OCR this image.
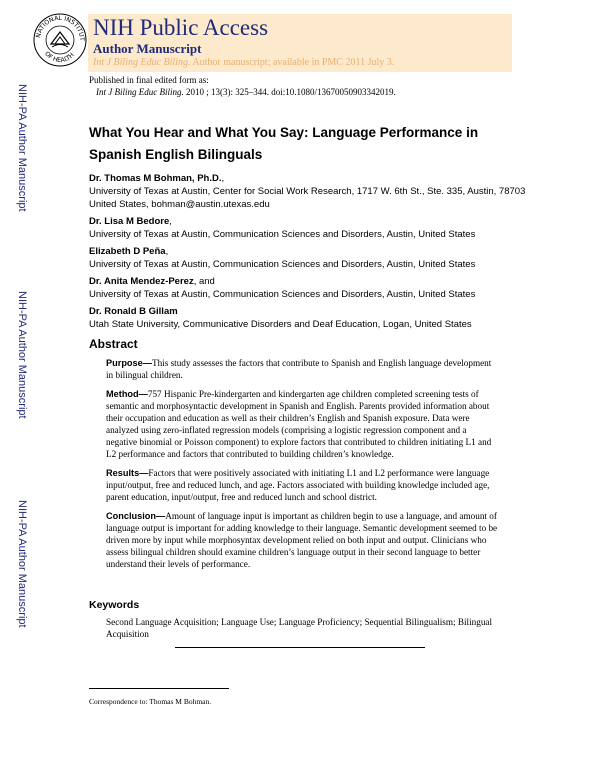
NATIONAL INSTITUT
OF HEALTH
NIH Public Access
Author Manuscript
Int J Biling Educ Biling. Author manuscript; available in PMC 2011 July 3.
NIH-PA Author Manuscript
NIH-PA Author Manuscript
NIH-PA Author Manuscript
Published in final edited form as:
Int J Biling Educ Biling. 2010 ; 13(3): 325–344. doi:10.1080/13670050903342019.
What You Hear and What You Say: Language Performance in Spanish English Bilinguals
Dr. Thomas M Bohman, Ph.D.,
University of Texas at Austin, Center for Social Work Research, 1717 W. 6th St., Ste. 335, Austin, 78703 United States, bohman@austin.utexas.edu
Dr. Lisa M Bedore,
University of Texas at Austin, Communication Sciences and Disorders, Austin, United States
Elizabeth D Peña,
University of Texas at Austin, Communication Sciences and Disorders, Austin, United States
Dr. Anita Mendez-Perez, and
University of Texas at Austin, Communication Sciences and Disorders, Austin, United States
Dr. Ronald B Gillam
Utah State University, Communicative Disorders and Deaf Education, Logan, United States
Abstract
Purpose—This study assesses the factors that contribute to Spanish and English language development in bilingual children.
Method—757 Hispanic Pre-kindergarten and kindergarten age children completed screening tests of semantic and morphosyntactic development in Spanish and English. Parents provided information about their occupation and education as well as their children’s English and Spanish exposure. Data were analyzed using zero-inflated regression models (comprising a logistic regression component and a negative binomial or Poisson component) to explore factors that contributed to children initiating L1 and L2 performance and factors that contributed to building children’s knowledge.
Results—Factors that were positively associated with initiating L1 and L2 performance were language input/output, free and reduced lunch, and age. Factors associated with building knowledge included age, parent education, input/output, free and reduced lunch and school district.
Conclusion—Amount of language input is important as children begin to use a language, and amount of language output is important for adding knowledge to their language. Semantic development seemed to be driven more by input while morphosyntax development relied on both input and output. Clinicians who assess bilingual children should examine children’s language output in their second language to better understand their levels of performance.
Keywords
Second Language Acquisition; Language Use; Language Proficiency; Sequential Bilingualism; Bilingual Acquisition
Correspondence to: Thomas M Bohman.
